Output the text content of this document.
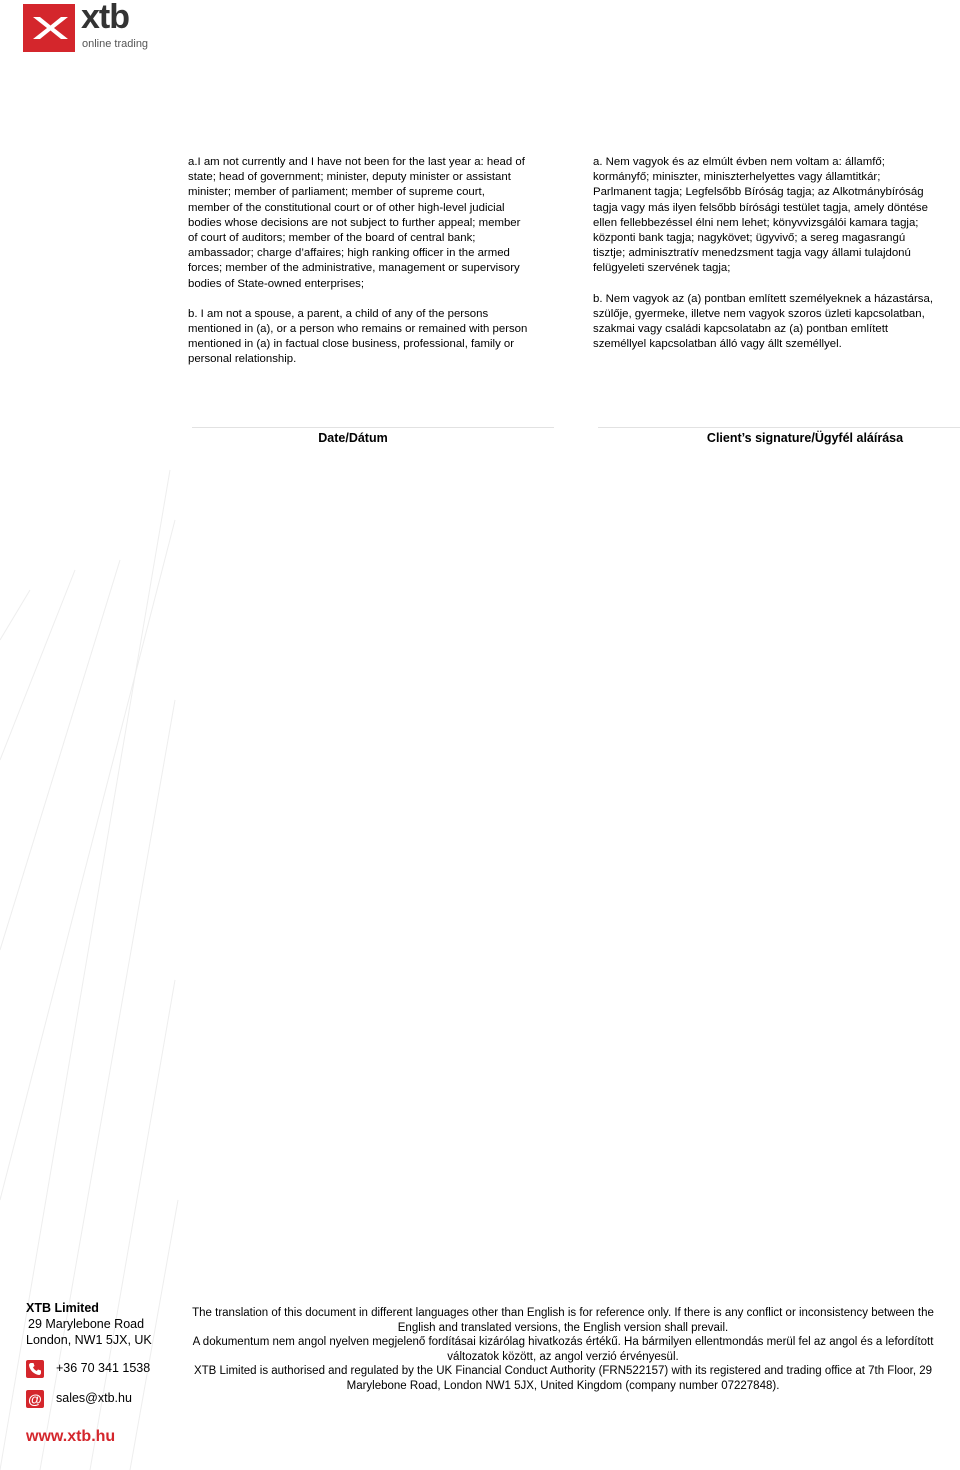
xtb
online trading

a.I am not currently and I have not been for the last year a: head of state; head of government; minister, deputy minister or assistant minister; member of parliament; member of supreme court, member of the constitutional court or of other high-level judicial bodies whose decisions are not subject to further appeal; member of court of auditors; member of the board of central bank; ambassador; charge d’affaires; high ranking officer in the armed forces; member of the administrative, management or supervisory bodies of State-owned enterprises;

b. I am not a spouse, a parent, a child of any of the persons mentioned in (a), or a person who remains or remained with person mentioned in (a) in factual close business, professional, family or personal relationship.

a. Nem vagyok és az elmúlt évben nem voltam a: államfő; kormányfő; miniszter, miniszterhelyettes vagy államtitkár; Parlmanent tagja; Legfelsőbb Bíróság tagja; az Alkotmánybíróság tagja vagy más ilyen felsőbb bírósági testület tagja, amely döntése ellen fellebbezéssel élni nem lehet; könyvvizsgálói kamara tagja; központi bank tagja; nagykövet; ügyvivő; a sereg magasrangú tisztje; adminisztratív menedzsment tagja vagy állami tulajdonú felügyeleti szervének tagja;

b. Nem vagyok az (a) pontban említett személyeknek a házastársa, szülője, gyermeke, illetve nem vagyok szoros üzleti kapcsolatban, szakmai vagy családi kapcsolatabn az (a) pontban említett személlyel kapcsolatban álló vagy állt személlyel.

Date/Dátum	Client’s signature/Ügyfél aláírása
XTB Limited
29 Marylebone Road
London, NW1 5JX, UK
+36 70 341 1538
@ sales@xtb.hu
www.xtb.hu

The translation of this document in different languages other than English is for reference only. If there is any conflict or inconsistency between the English and translated versions, the English version shall prevail.

A dokumentum nem angol nyelven megjelenő fordításai kizárólag hivatkozás értékű. Ha bármilyen ellentmondás merül fel az angol és a lefordított változatok között, az angol verzió érvényesül.

XTB Limited is authorised and regulated by the UK Financial Conduct Authority (FRN522157) with its registered and trading office at 7th Floor, 29 Marylebone Road, London NW1 5JX, United Kingdom (company number 07227848).
